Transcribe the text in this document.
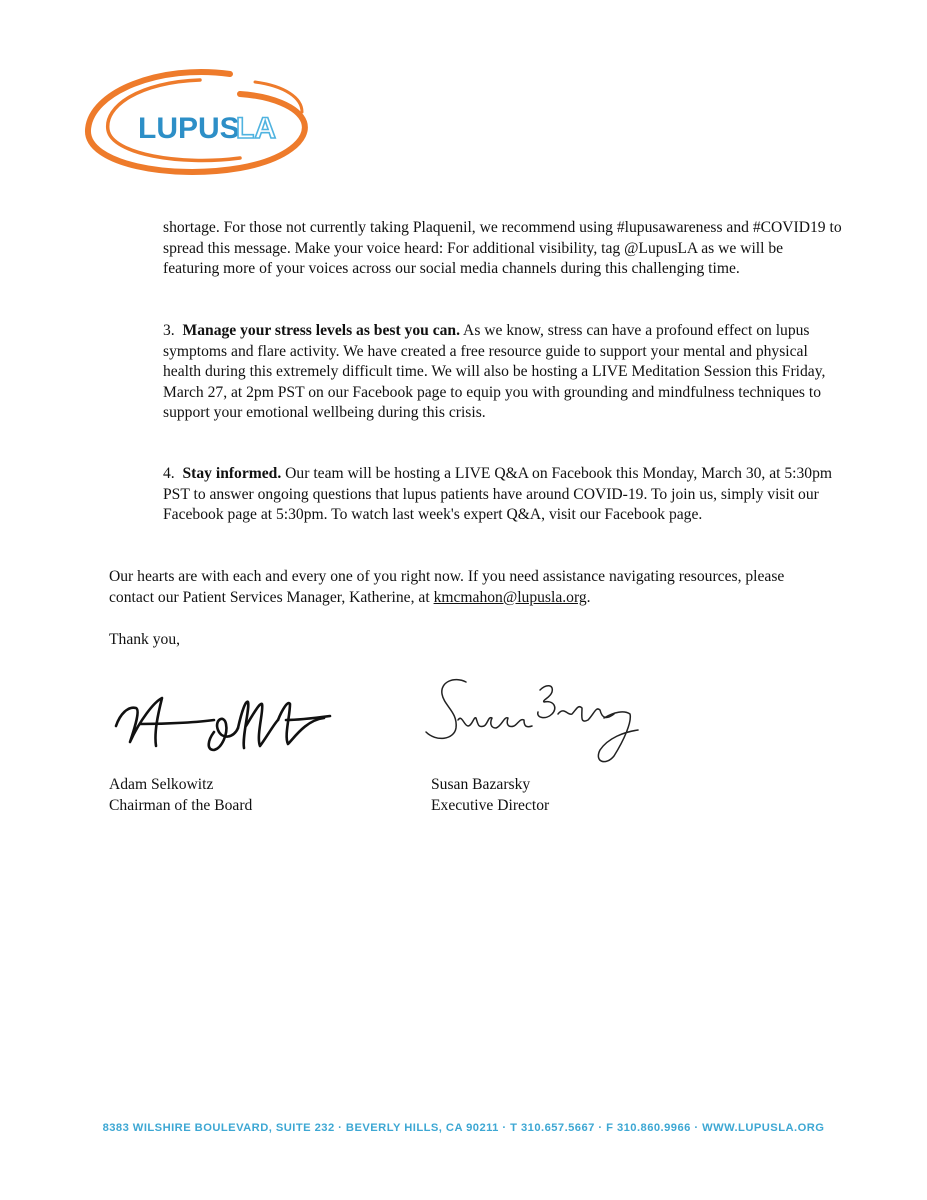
LUPUS
LA

shortage. For those not currently taking Plaquenil, we recommend using #lupusawareness and #COVID19 to spread this message. Make your voice heard: For additional visibility, tag @LupusLA as we will be featuring more of your voices across our social media channels during this challenging time.

3. Manage your stress levels as best you can. As we know, stress can have a profound effect on lupus symptoms and flare activity. We have created a free resource guide to support your mental and physical health during this extremely difficult time. We will also be hosting a LIVE Meditation Session this Friday, March 27, at 2pm PST on our Facebook page to equip you with grounding and mindfulness techniques to support your emotional wellbeing during this crisis.

4. Stay informed. Our team will be hosting a LIVE Q&A on Facebook this Monday, March 30, at 5:30pm PST to answer ongoing questions that lupus patients have around COVID-19. To join us, simply visit our Facebook page at 5:30pm. To watch last week's expert Q&A, visit our Facebook page.

Our hearts are with each and every one of you right now. If you need assistance navigating resources, please contact our Patient Services Manager, Katherine, at kmcmahon@lupusla.org.

Thank you,

Adam Selkowitz
Chairman of the Board
Susan Bazarsky
Executive Director
8383 WILSHIRE BOULEVARD, SUITE 232 · BEVERLY HILLS, CA 90211 · T 310.657.5667 · F 310.860.9966 · WWW.LUPUSLA.ORG
